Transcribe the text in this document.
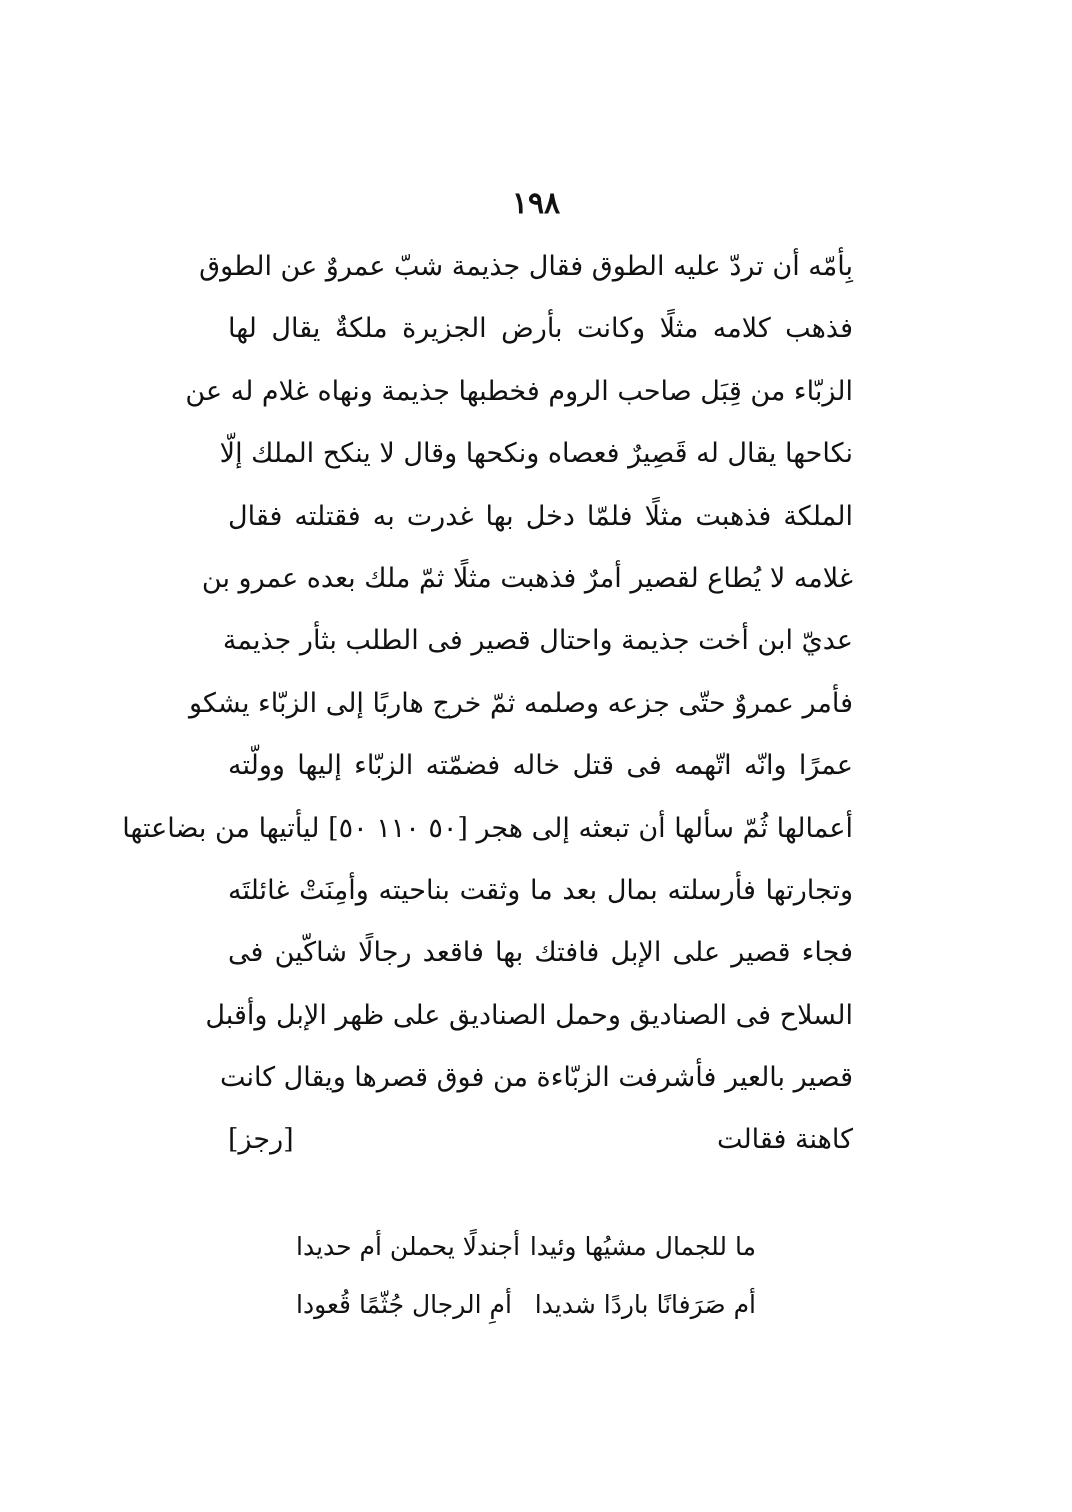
١٩٨
بِأمّه أن تردّ عليه الطوق فقال جذيمة شبّ عمروٌ عن الطوق
فذهب كلامه مثلًا وكانت بأرض الجزيرة ملكةٌ يقال لها
الزبّاء من قِبَل صاحب الروم فخطبها جذيمة ونهاه غلام له عن
نكاحها يقال له قَصِيرٌ فعصاه ونكحها وقال لا ينكح الملك إلّا
الملكة فذهبت مثلًا فلمّا دخل بها غدرت به فقتلته فقال
غلامه لا يُطاع لقصير أمرٌ فذهبت مثلًا ثمّ ملك بعده عمرو بن
عديّ ابن أخت جذيمة واحتال قصير فى الطلب بثأر جذيمة
فأمر عمروٌ حتّى جزعه وصلمه ثمّ خرج هاربًا إلى الزبّاء يشكو
عمرًا وانّه اتّهمه فى قتل خاله فضمّته الزبّاء إليها وولّته
أعمالها ثُمّ سألها أن تبعثه إلى هجر [٥٠ ١١٠ ٥٠] ليأتيها من بضاعتها
وتجارتها فأرسلته بمال بعد ما وثقت بناحيته وأمِنَتْ غائلتَه
فجاء قصير على الإبل فافتك بها فاقعد رجالًا شاكّين فى
السلاح فى الصناديق وحمل الصناديق على ظهر الإبل وأقبل
قصير بالعير فأشرفت الزبّاءة من فوق قصرها ويقال كانت
كاهنة فقالت
[رجز]
ما للجمال مشيُها وئيدا
أجندلًا يحملن أم حديدا
أم صَرَفانًا باردًا شديدا
أمِ الرجال جُثّمًا قُعودا
